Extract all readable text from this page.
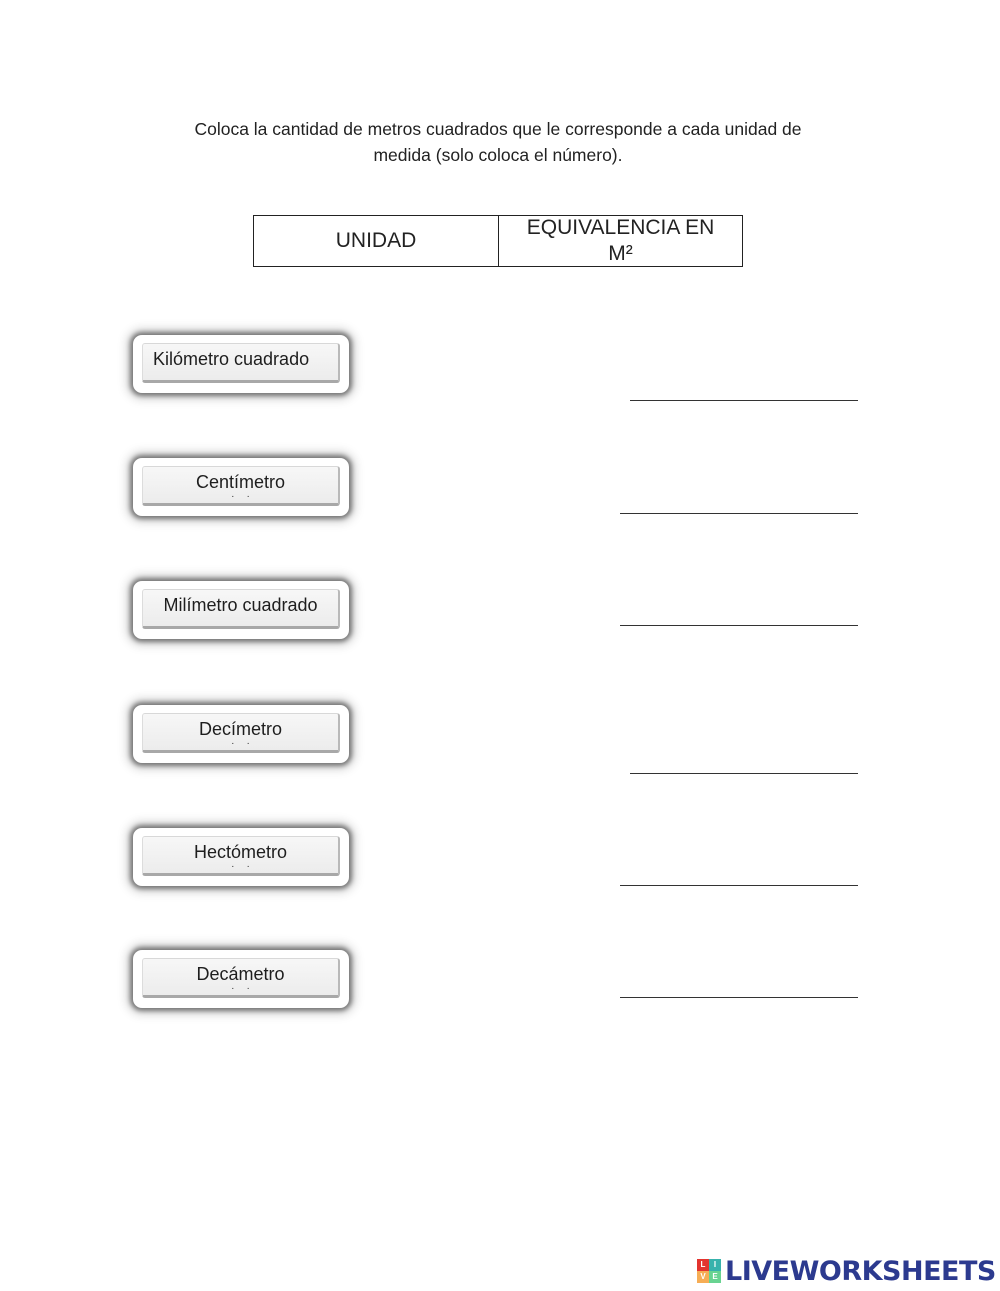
Coloca la cantidad de metros cuadrados que le corresponde a cada unidad de
medida (solo coloca el número).
UNIDAD
EQUIVALENCIA EN
M²
Kilómetro cuadrado
Centímetro
··
Milímetro cuadrado
Decímetro
··
Hectómetro
··
Decámetro
··
L	I
V E LIVEWORKSHEETS
